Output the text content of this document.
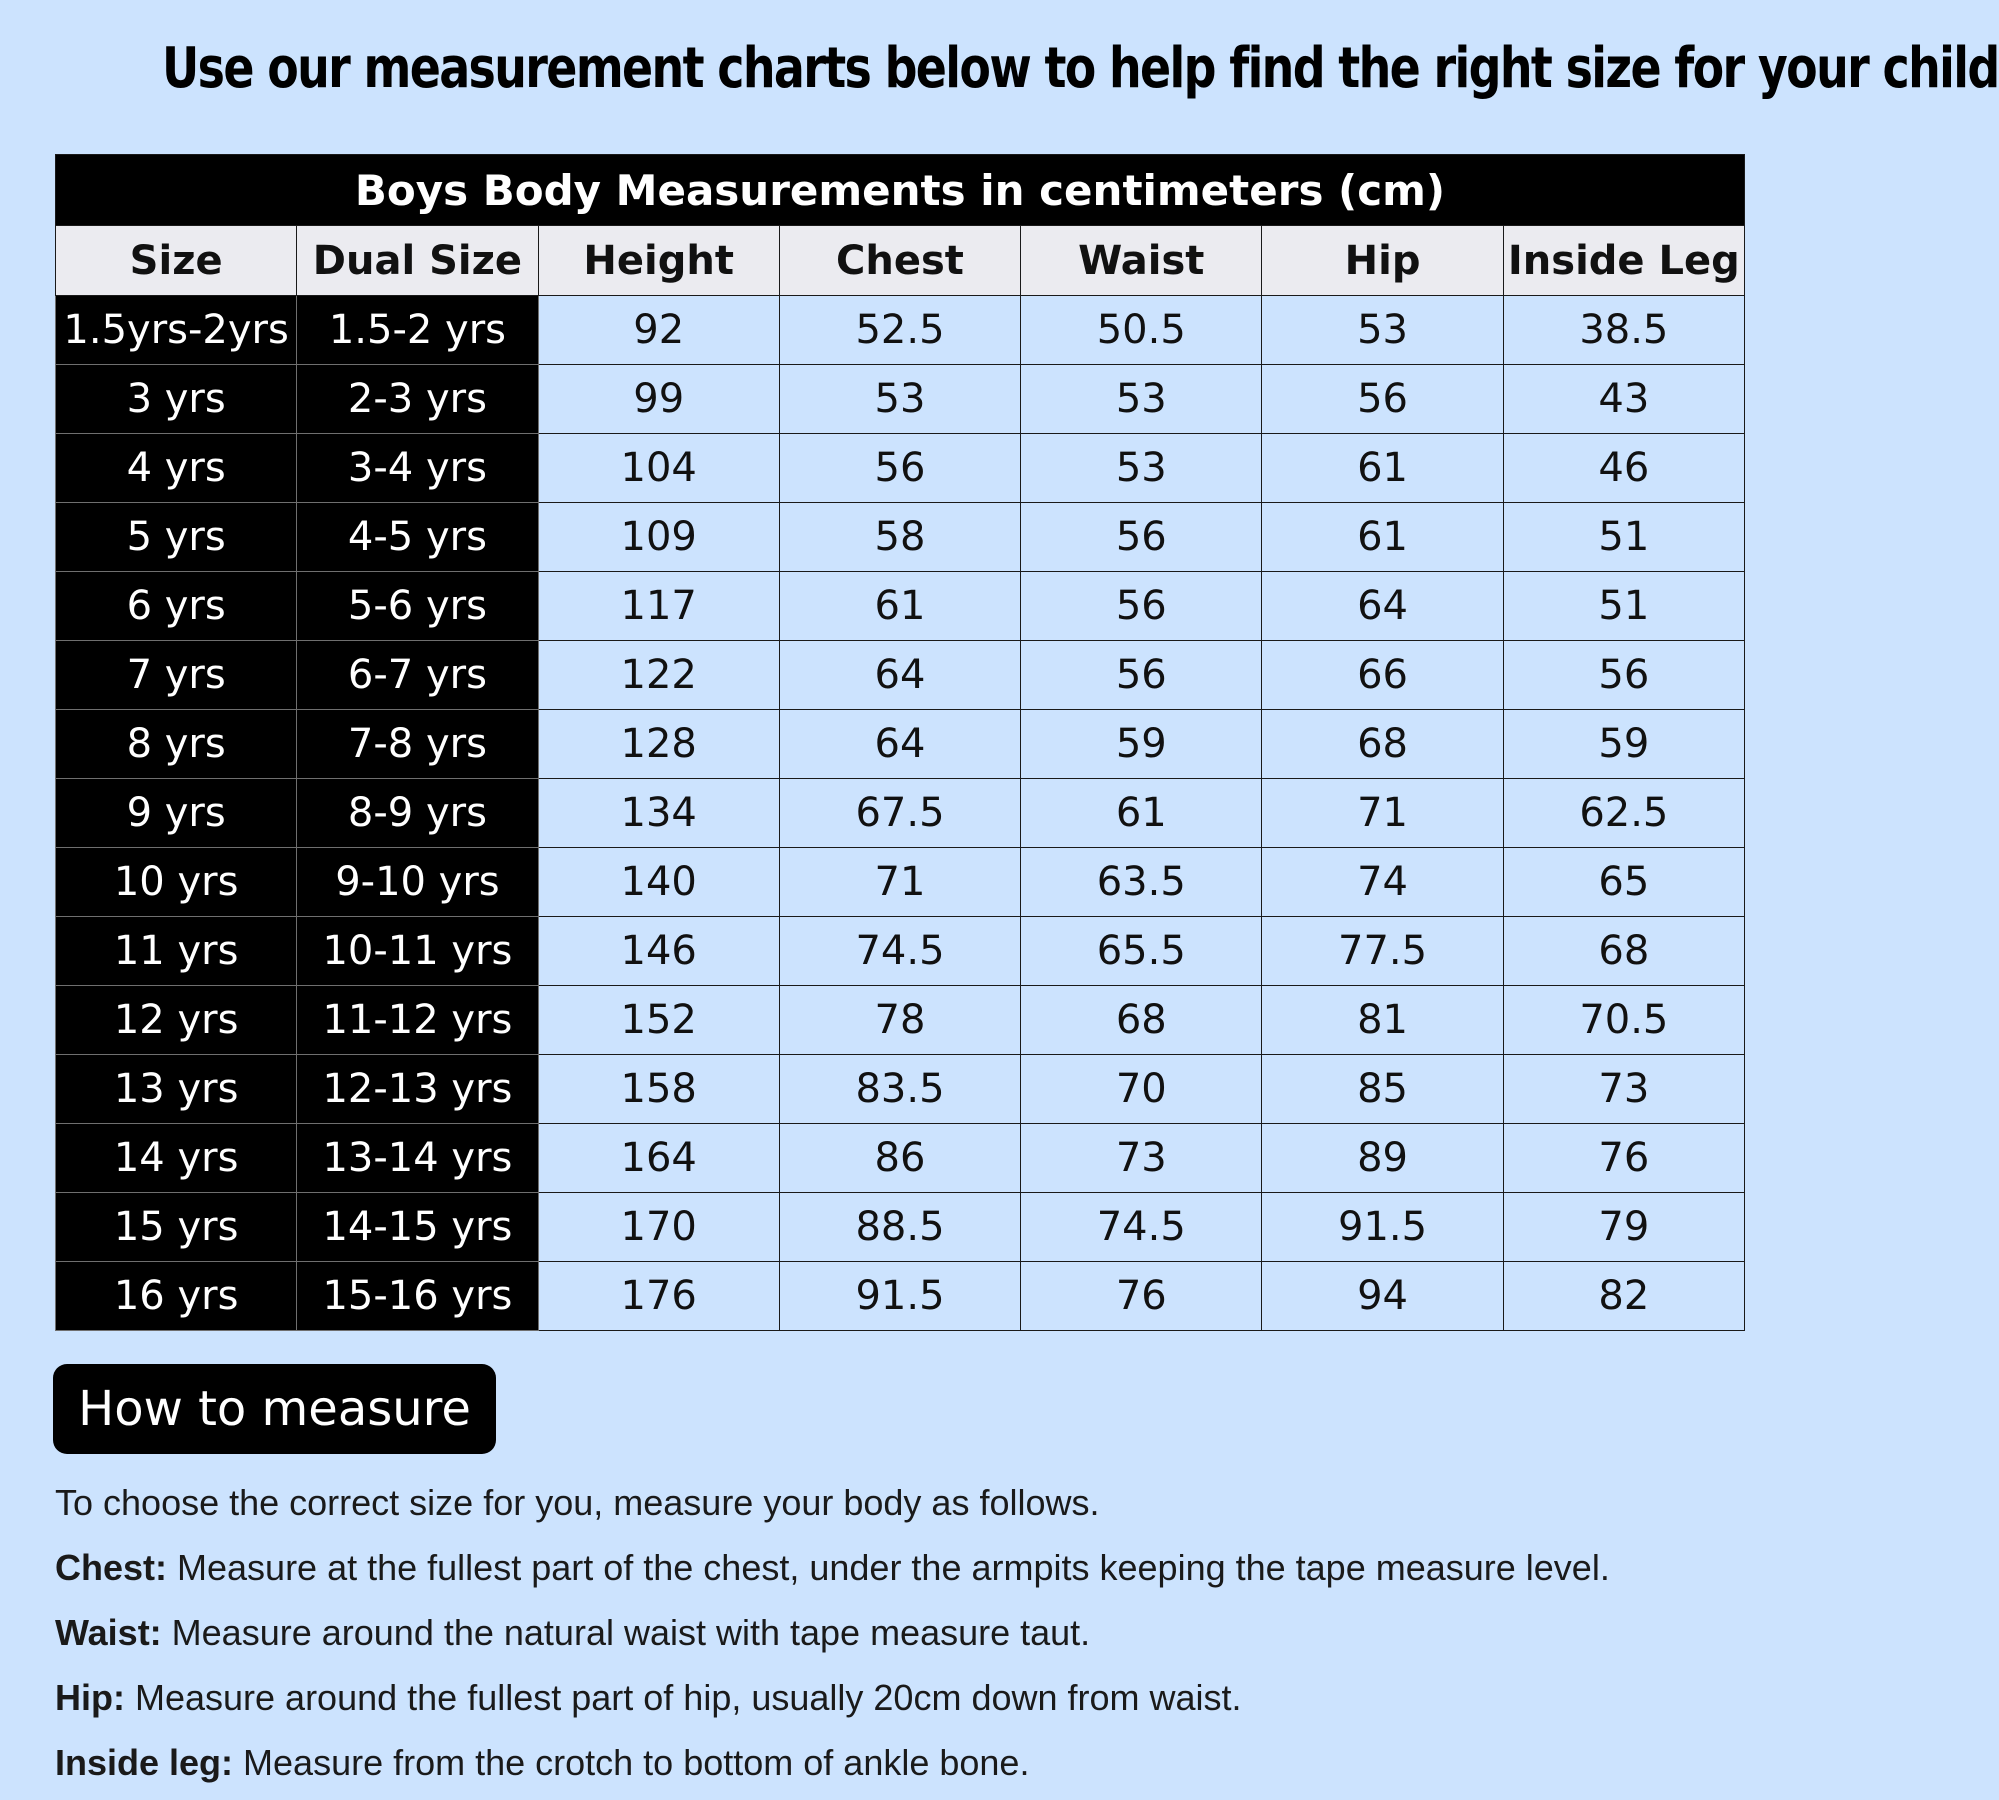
Use our measurement charts below to help find the right size for your child
Boys Body Measurements in centimeters (cm)						
Size	Dual Size	Height	Chest	Waist	Hip	Inside Leg
1.5yrs-2yrs	1.5-2 yrs	92	52.5	50.5	53	38.5
3 yrs	2-3 yrs	99	53	53	56	43
4 yrs	3-4 yrs	104	56	53	61	46
5 yrs	4-5 yrs	109	58	56	61	51
6 yrs	5-6 yrs	117	61	56	64	51
7 yrs	6-7 yrs	122	64	56	66	56
8 yrs	7-8 yrs	128	64	59	68	59
9 yrs	8-9 yrs	134	67.5	61	71	62.5
10 yrs	9-10 yrs	140	71	63.5	74	65
11 yrs	10-11 yrs	146	74.5	65.5	77.5	68
12 yrs	11-12 yrs	152	78	68	81	70.5
13 yrs	12-13 yrs	158	83.5	70	85	73
14 yrs	13-14 yrs	164	86	73	89	76
15 yrs	14-15 yrs	170	88.5	74.5	91.5	79
16 yrs	15-16 yrs	176	91.5	76	94	82
How to measure

To choose the correct size for you, measure your body as follows.

Chest: Measure at the fullest part of the chest, under the armpits keeping the tape measure level.

Waist: Measure around the natural waist with tape measure taut.

Hip: Measure around the fullest part of hip, usually 20cm down from waist.

Inside leg: Measure from the crotch to bottom of ankle bone.
